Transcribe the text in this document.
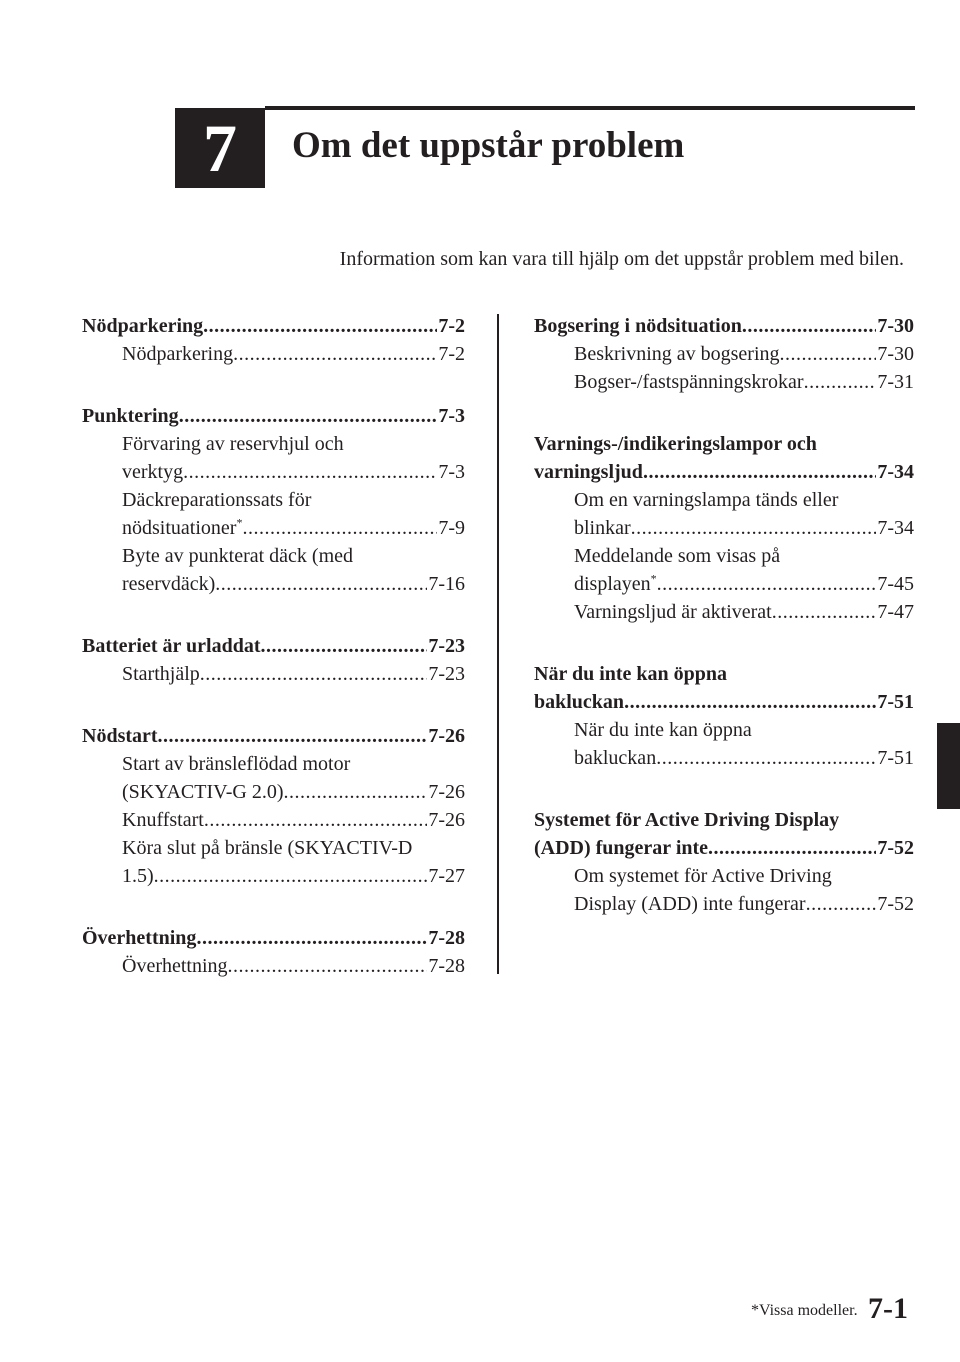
7 Om det uppstår problem
Information som kan vara till hjälp om det uppstår problem med bilen.
Nödparkering .....	7-2
Nödparkering .....	7-2
Punktering .....	7-3
Förvaring av reservhjul och
verktyg .....	7-3
Däckreparationssats för
nödsituationer* .....	7-9
Byte av punkterat däck (med
reservdäck) .....	7-16
Batteriet är urladdat .....	7-23
Starthjälp .....	7-23
Nödstart .....	7-26
Start av bränsleflödad motor
(SKYACTIV-G 2.0) .....	7-26
Knuffstart .....	7-26
Köra slut på bränsle (SKYACTIV-D
1.5) .....	7-27
Överhettning .....	7-28
Överhettning .....	7-28
Bogsering i nödsituation .....	7-30
Beskrivning av bogsering .....	7-30
Bogser-/fastspänningskrokar .....	7-31
Varnings-/indikeringslampor och
varningsljud .....	7-34
Om en varningslampa tänds eller
blinkar .....	7-34
Meddelande som visas på
displayen* .....	7-45
Varningsljud är aktiverat .....	7-47
När du inte kan öppna
bakluckan .....	7-51
När du inte kan öppna
bakluckan .....	7-51
Systemet för Active Driving Display
(ADD) fungerar inte .....	7-52
Om systemet för Active Driving
Display (ADD) inte fungerar .....	7-52
*Vissa modeller. 7-1
